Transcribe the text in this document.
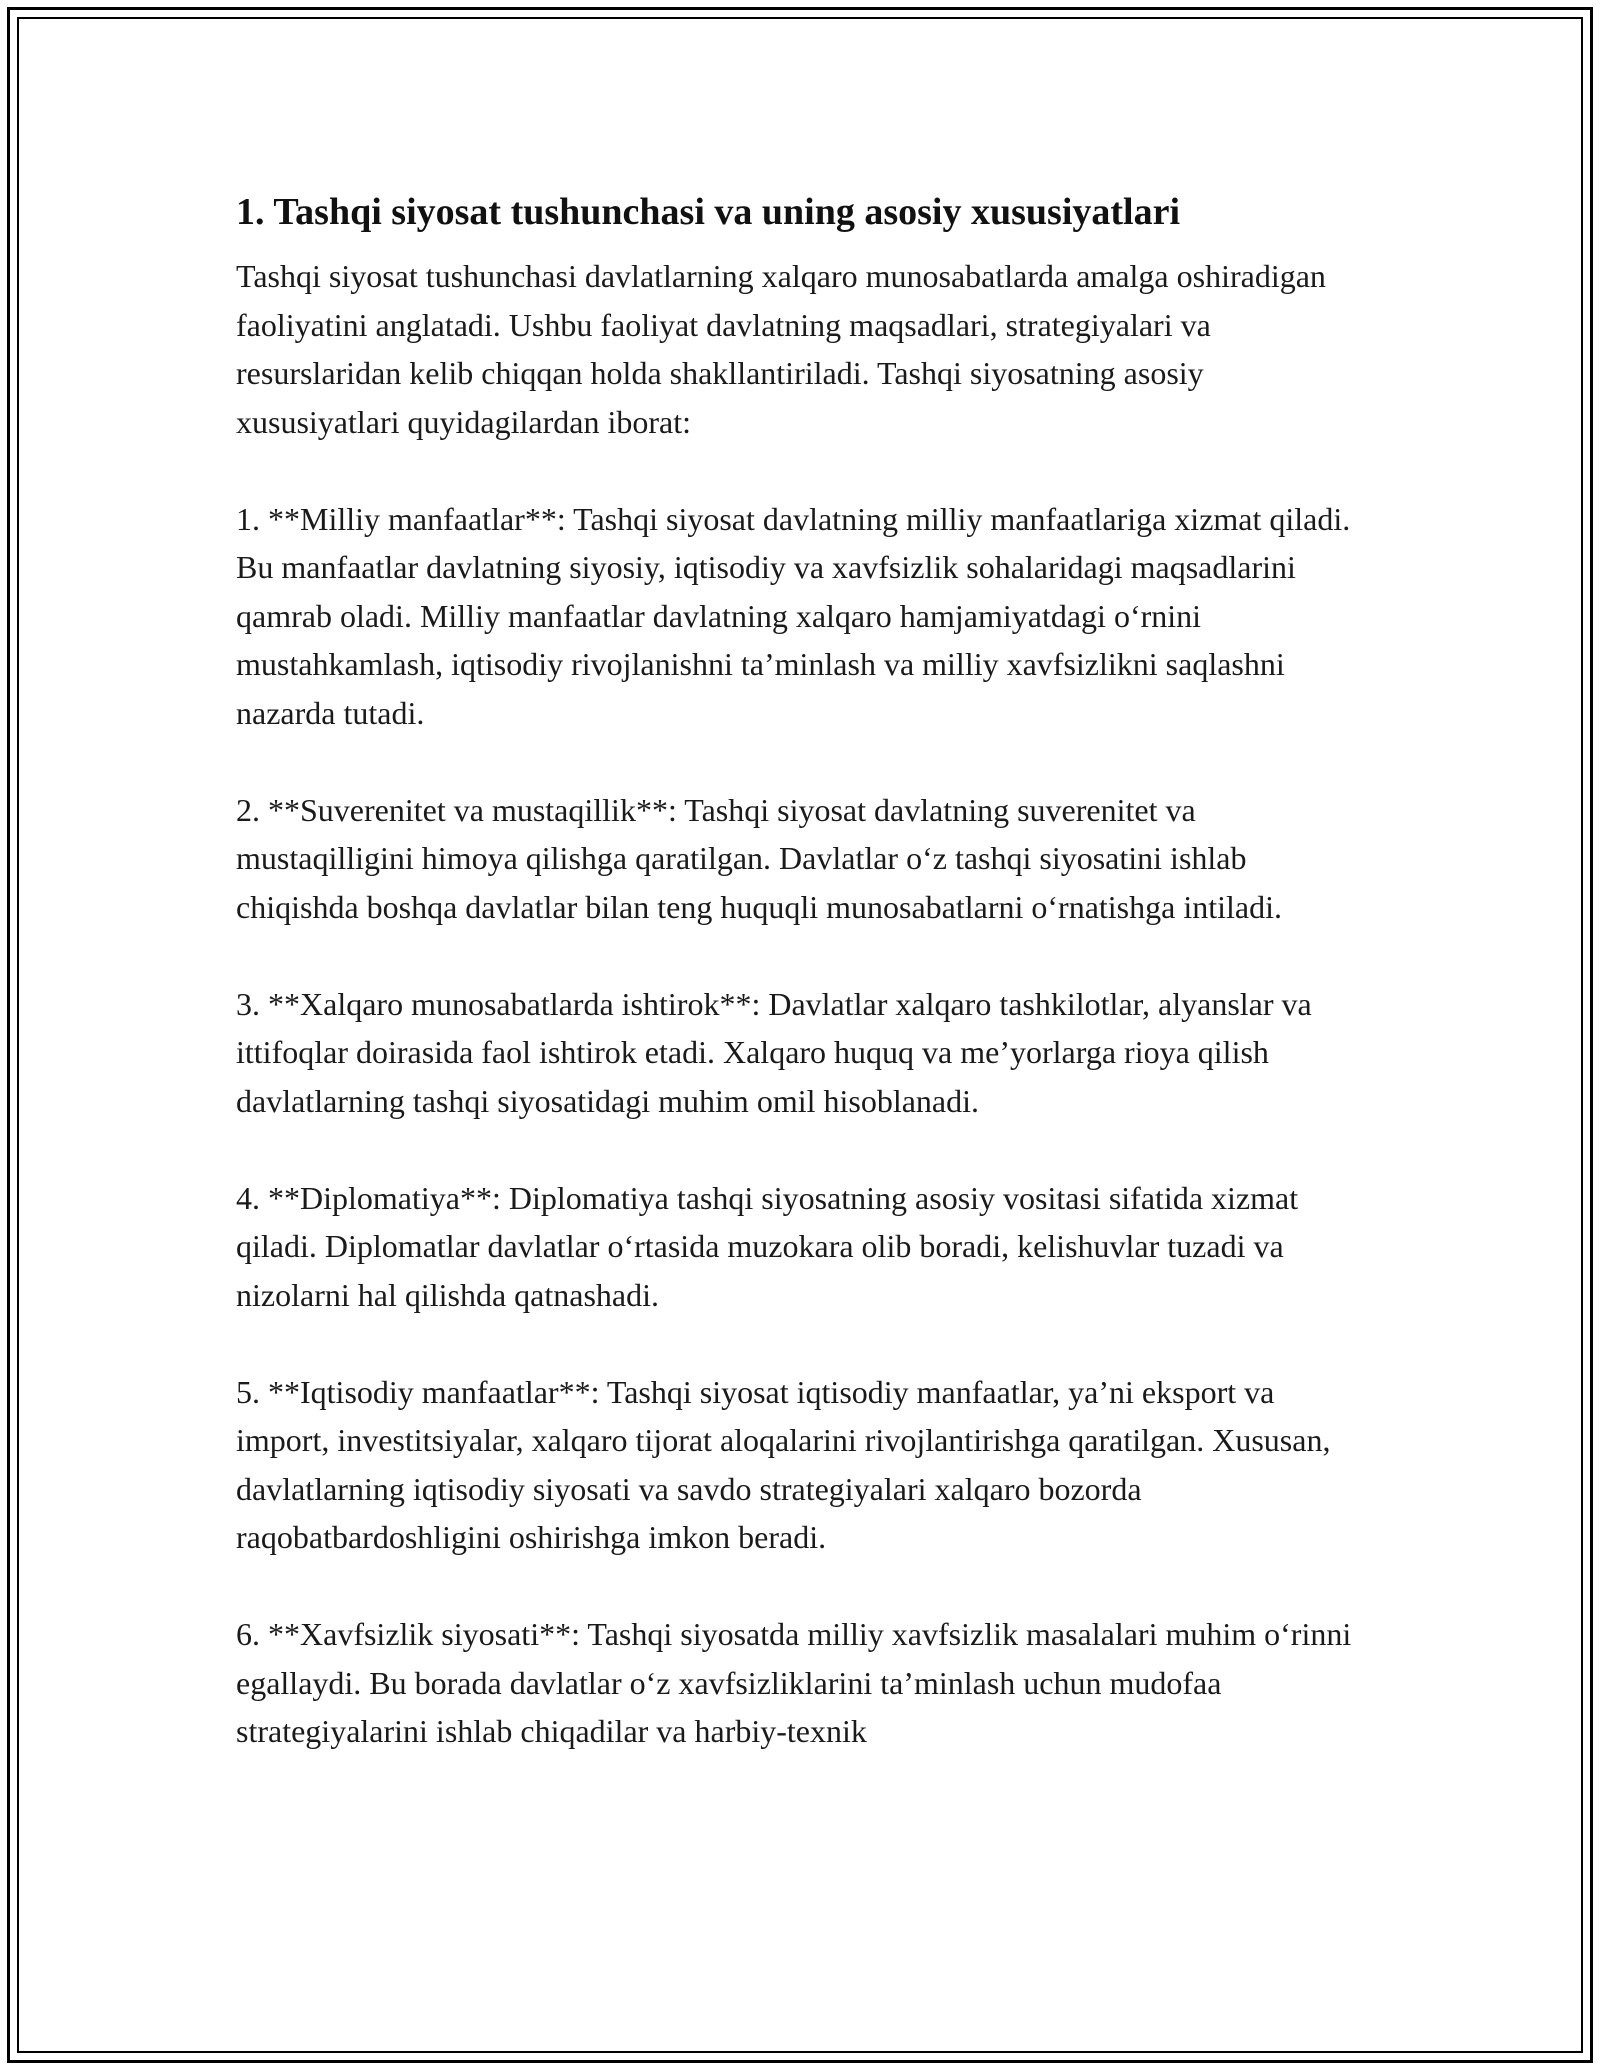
1. Tashqi siyosat tushunchasi va uning asosiy xususiyatlari

Tashqi siyosat tushunchasi davlatlarning xalqaro munosabatlarda amalga oshiradigan faoliyatini anglatadi. Ushbu faoliyat davlatning maqsadlari, strategiyalari va resurslaridan kelib chiqqan holda shakllantiriladi. Tashqi siyosatning asosiy xususiyatlari quyidagilardan iborat:

1. **Milliy manfaatlar**: Tashqi siyosat davlatning milliy manfaatlariga xizmat qiladi. Bu manfaatlar davlatning siyosiy, iqtisodiy va xavfsizlik sohalaridagi maqsadlarini qamrab oladi. Milliy manfaatlar davlatning xalqaro hamjamiyatdagi o‘rnini mustahkamlash, iqtisodiy rivojlanishni ta’minlash va milliy xavfsizlikni saqlashni nazarda tutadi.

2. **Suverenitet va mustaqillik**: Tashqi siyosat davlatning suverenitet va mustaqilligini himoya qilishga qaratilgan. Davlatlar o‘z tashqi siyosatini ishlab chiqishda boshqa davlatlar bilan teng huquqli munosabatlarni o‘rnatishga intiladi.

3. **Xalqaro munosabatlarda ishtirok**: Davlatlar xalqaro tashkilotlar, alyanslar va ittifoqlar doirasida faol ishtirok etadi. Xalqaro huquq va me’yorlarga rioya qilish davlatlarning tashqi siyosatidagi muhim omil hisoblanadi.

4. **Diplomatiya**: Diplomatiya tashqi siyosatning asosiy vositasi sifatida xizmat qiladi. Diplomatlar davlatlar o‘rtasida muzokara olib boradi, kelishuvlar tuzadi va nizolarni hal qilishda qatnashadi.

5. **Iqtisodiy manfaatlar**: Tashqi siyosat iqtisodiy manfaatlar, ya’ni eksport va import, investitsiyalar, xalqaro tijorat aloqalarini rivojlantirishga qaratilgan. Xususan, davlatlarning iqtisodiy siyosati va savdo strategiyalari xalqaro bozorda raqobatbardoshligini oshirishga imkon beradi.

6. **Xavfsizlik siyosati**: Tashqi siyosatda milliy xavfsizlik masalalari muhim o‘rinni egallaydi. Bu borada davlatlar o‘z xavfsizliklarini ta’minlash uchun mudofaa strategiyalarini ishlab chiqadilar va harbiy-texnik
